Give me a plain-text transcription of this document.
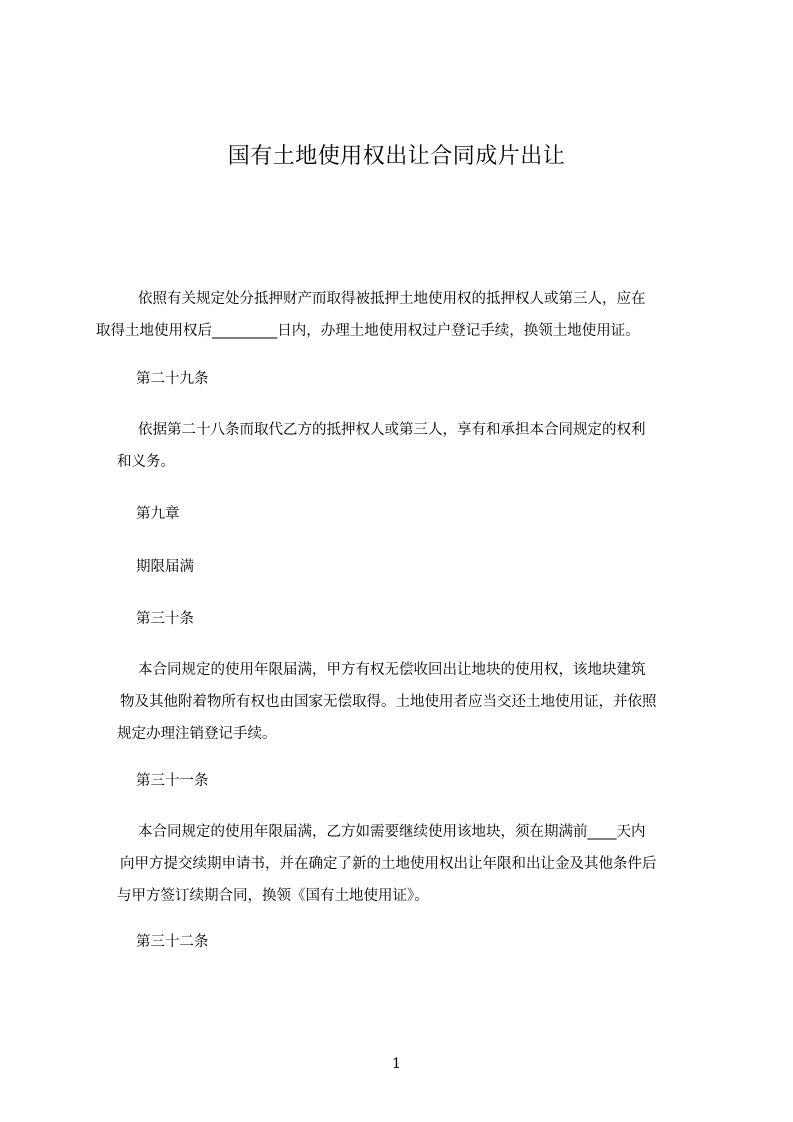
国有土地使用权出让合同成片出让

依照有关规定处分抵押财产而取得被抵押土地使用权的抵押权人或第三人，应在
取得土地使用权后_________日内，办理土地使用权过户登记手续，换领土地使用证。

第二十九条

依据第二十八条而取代乙方的抵押权人或第三人，享有和承担本合同规定的权利
和义务。

第九章

期限届满

第三十条

本合同规定的使用年限届满，甲方有权无偿收回出让地块的使用权，该地块建筑
物及其他附着物所有权也由国家无偿取得。土地使用者应当交还土地使用证，并依照
规定办理注销登记手续。

第三十一条

本合同规定的使用年限届满，乙方如需要继续使用该地块，须在期满前____天内
向甲方提交续期申请书，并在确定了新的土地使用权出让年限和出让金及其他条件后
与甲方签订续期合同，换领《国有土地使用证》。

第三十二条

1
